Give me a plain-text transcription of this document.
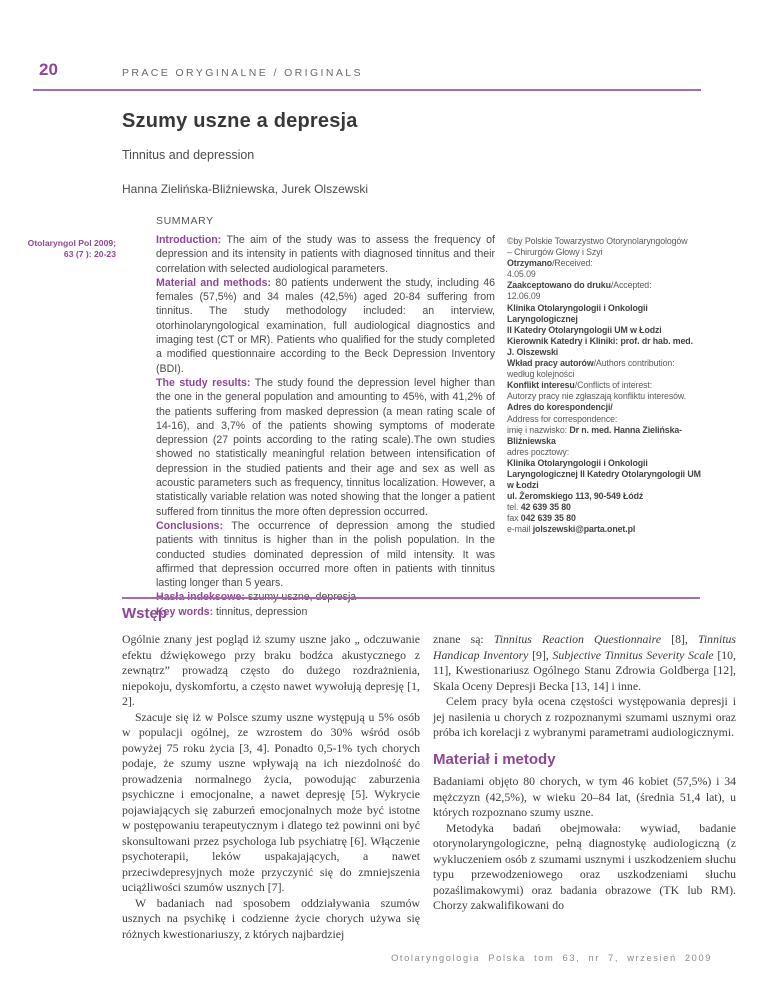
20	PRACE ORYGINALNE / ORIGINALS
Szumy uszne a depresja
Tinnitus and depression
Hanna Zielińska-Bliźniewska, Jurek Olszewski
Otolaryngol Pol 2009;
63 (7 ): 20-23
SUMMARY

Introduction: The aim of the study was to assess the frequency of depression and its intensity in patients with diagnosed tinnitus and their correlation with selected audiological parameters.

Material and methods: 80 patients underwent the study, including 46 females (57,5%) and 34 males (42,5%) aged 20-84 suffering from tinnitus. The study methodology included: an interview, otorhinolaryngological examination, full audiological diagnostics and imaging test (CT or MR). Patients who qualified for the study completed a modified questionnaire according to the Beck Depression Inventory (BDI).

The study results: The study found the depression level higher than the one in the general population and amounting to 45%, with 41,2% of the patients suffering from masked depression (a mean rating scale of 14-16), and 3,7% of the patients showing symptoms of moderate depression (27 points according to the rating scale).The own studies showed no statistically meaningful relation between intensification of depression in the studied patients and their age and sex as well as acoustic parameters such as frequency, tinnitus localization. However, a statistically variable relation was noted showing that the longer a patient suffered from tinnitus the more often depression occurred.

Conclusions: The occurrence of depression among the studied patients with tinnitus is higher than in the polish population. In the conducted studies dominated depression of mild intensity. It was affirmed that depression occurred more often in patients with tinnitus lasting longer than 5 years.

Key words: tinnitus, depression

©by Polskie Towarzystwo Otorynolaryngologów
– Chirurgów Głowy i Szyi
Otrzymano/Received:
4.05.09
Zaakceptowano do druku/Accepted:
12.06.09
Klinika Otolaryngologii i Onkologii
Laryngologicznej
II Katedry Otolaryngologii UM w Łodzi
Kierownik Katedry i Kliniki: prof. dr hab. med.
J. Olszewski
Wkład pracy autorów/Authors contribution:
według kolejności
Konflikt interesu/Conflicts of interest:
Autorzy pracy nie zgłaszają konfliktu interesów.
Adres do korespondencji/
Address for correspondence:
imię i nazwisko: Dr n. med. Hanna Zielińska-
Bliźniewska
adres pocztowy:
Klinika Otolaryngologii i Onkologii
Laryngologicznej II Katedry Otolaryngologii UM
w Łodzi
ul. Żeromskiego 113, 90-549 Łódź
tel. 42 639 35 80
fax 042 639 35 80
e-mail jolszewski@parta.onet.pl
Wstęp

Ogólnie znany jest pogląd iż szumy uszne jako „ odczuwanie efektu dźwiękowego przy braku bodźca akustycznego z zewnątrz” prowadzą często do dużego rozdrażnienia, niepokoju, dyskomfortu, a często nawet wywołują depresję [1, 2].

Szacuje się iż w Polsce szumy uszne występują u 5% osób w populacji ogólnej, ze wzrostem do 30% wśród osób powyżej 75 roku życia [3, 4]. Ponadto 0,5-1% tych chorych podaje, że szumy uszne wpływają na ich niezdolność do prowadzenia normalnego życia, powodując zaburzenia psychiczne i emocjonalne, a nawet depresję [5]. Wykrycie pojawiających się zaburzeń emocjonalnych może być istotne w postępowaniu terapeutycznym i dlatego też powinni oni być skonsultowani przez psychologa lub psychiatrę [6]. Włączenie psychoterapii, leków uspakajających, a nawet przeciwdepresyjnych może przyczynić się do zmniejszenia uciążliwości szumów usznych [7].

W badaniach nad sposobem oddziaływania szumów usznych na psychikę i codzienne życie chorych używa się różnych kwestionariuszy, z których najbardziej

znane są: Tinnitus Reaction Questionnaire [8], Tinnitus Handicap Inventory [9], Subjective Tinnitus Severity Scale [10, 11], Kwestionariusz Ogólnego Stanu Zdrowia Goldberga [12], Skala Oceny Depresji Becka [13, 14] i inne.

Celem pracy była ocena częstości występowania depresji i jej nasilenia u chorych z rozpoznanymi szumami usznymi oraz próba ich korelacji z wybranymi parametrami audiologicznymi.

Materiał i metody

Badaniami objęto 80 chorych, w tym 46 kobiet (57,5%) i 34 mężczyzn (42,5%), w wieku 20–84 lat, (średnia 51,4 lat), u których rozpoznano szumy uszne.

Metodyka badań obejmowała: wywiad, badanie otorynolaryngologiczne, pełną diagnostykę audiologiczną (z wykluczeniem osób z szumami usznymi i uszkodzeniem słuchu typu przewodzeniowego oraz uszkodzeniami słuchu pozaślimakowymi) oraz badania obrazowe (TK lub RM). Chorzy zakwalifikowani do

Otolaryngologia Polska tom 63, nr 7, wrzesień 2009
